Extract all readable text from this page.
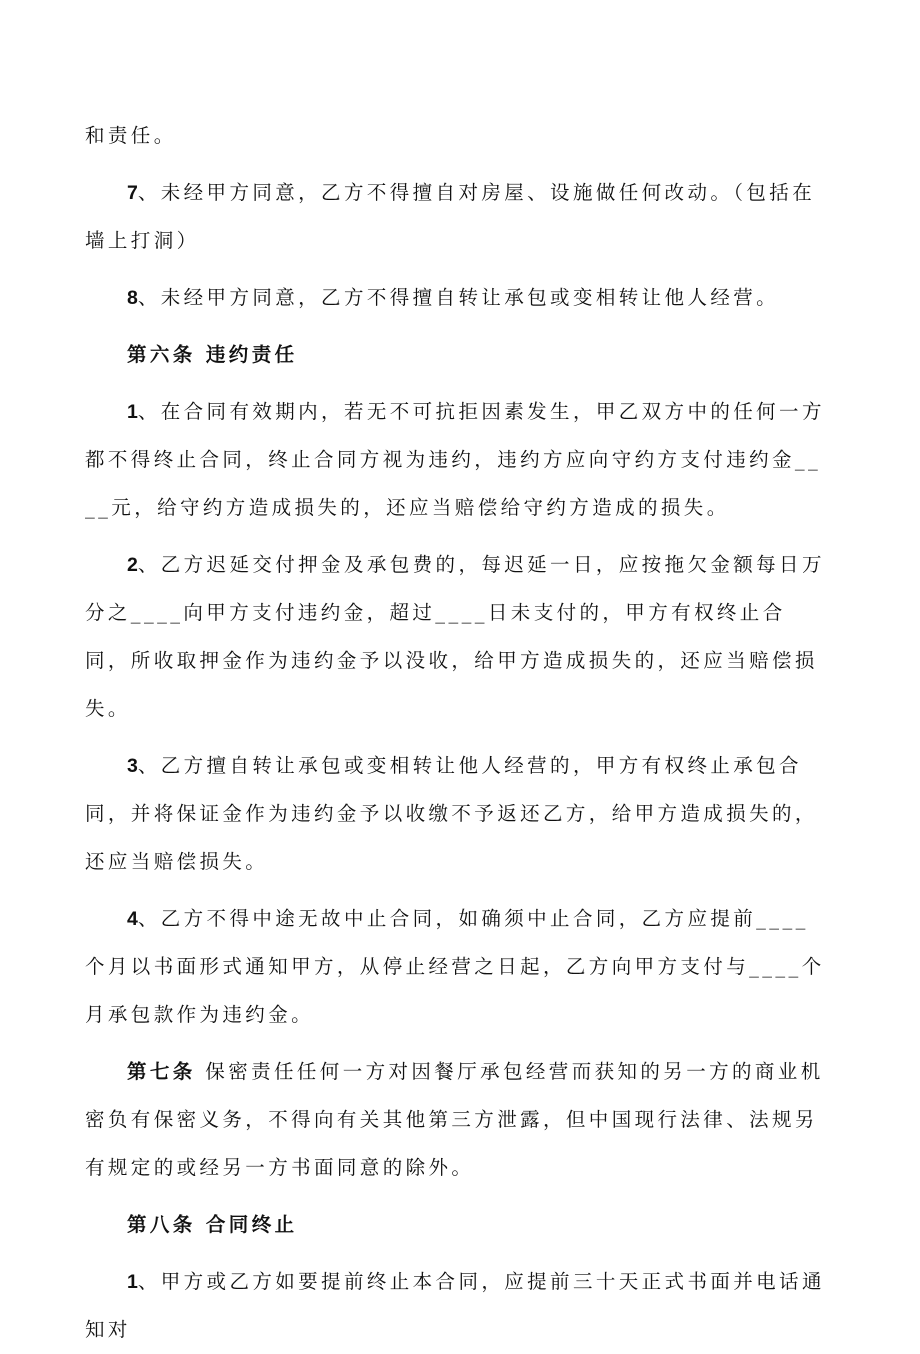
和责任。

7、未经甲方同意，乙方不得擅自对房屋、设施做任何改动。（包括在墙上打洞）

8、未经甲方同意，乙方不得擅自转让承包或变相转让他人经营。

第六条 违约责任

1、在合同有效期内，若无不可抗拒因素发生，甲乙双方中的任何一方都不得终止合同，终止合同方视为违约，违约方应向守约方支付违约金____元，给守约方造成损失的，还应当赔偿给守约方造成的损失。

2、乙方迟延交付押金及承包费的，每迟延一日，应按拖欠金额每日万分之____向甲方支付违约金，超过____日未支付的，甲方有权终止合同，所收取押金作为违约金予以没收，给甲方造成损失的，还应当赔偿损失。

3、乙方擅自转让承包或变相转让他人经营的，甲方有权终止承包合同，并将保证金作为违约金予以收缴不予返还乙方，给甲方造成损失的，还应当赔偿损失。

4、乙方不得中途无故中止合同，如确须中止合同，乙方应提前____个月以书面形式通知甲方，从停止经营之日起，乙方向甲方支付与____个月承包款作为违约金。

第七条 保密责任任何一方对因餐厅承包经营而获知的另一方的商业机密负有保密义务，不得向有关其他第三方泄露，但中国现行法律、法规另有规定的或经另一方书面同意的除外。

第八条 合同终止

1、甲方或乙方如要提前终止本合同，应提前三十天正式书面并电话通知对
